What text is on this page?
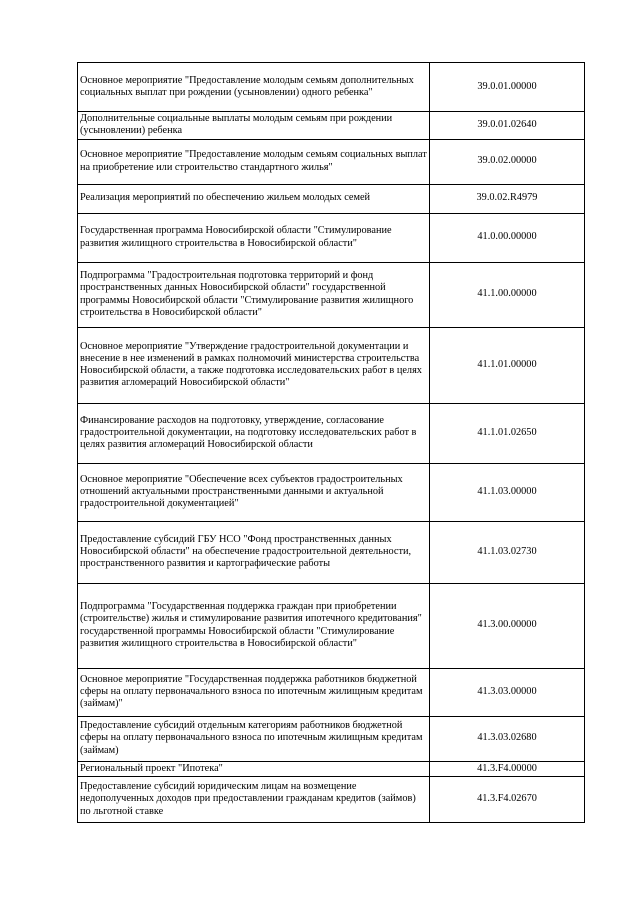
Основное мероприятие "Предоставление молодым семьям дополнительных социальных выплат при рождении (усыновлении) одного ребенка"	39.0.01.00000
Дополнительные социальные выплаты молодым семьям при рождении (усыновлении) ребенка	39.0.01.02640
Основное мероприятие "Предоставление молодым семьям социальных выплат на приобретение или строительство стандартного жилья"	39.0.02.00000
Реализация мероприятий по обеспечению жильем молодых семей	39.0.02.R4979
Государственная программа Новосибирской области "Стимулирование развития жилищного строительства в Новосибирской области"	41.0.00.00000
Подпрограмма "Градостроительная подготовка территорий и фонд пространственных данных Новосибирской области" государственной программы Новосибирской области "Стимулирование развития жилищного строительства в Новосибирской области"	41.1.00.00000
Основное мероприятие "Утверждение градостроительной документации и внесение в нее изменений в рамках полномочий министерства строительства Новосибирской области, а также подготовка исследовательских работ в целях развития агломераций Новосибирской области"	41.1.01.00000
Финансирование расходов на подготовку, утверждение, согласование градостроительной документации, на подготовку исследовательских работ в целях развития агломераций Новосибирской области	41.1.01.02650
Основное мероприятие "Обеспечение всех субъектов градостроительных отношений актуальными пространственными данными и актуальной градостроительной документацией"	41.1.03.00000
Предоставление субсидий ГБУ НСО "Фонд пространственных данных Новосибирской области" на обеспечение градостроительной деятельности, пространственного развития и картографические работы	41.1.03.02730
Подпрограмма "Государственная поддержка граждан при приобретении (строительстве) жилья и стимулирование развития ипотечного кредитования" государственной программы Новосибирской области "Стимулирование развития жилищного строительства в Новосибирской области"	41.3.00.00000
Основное мероприятие "Государственная поддержка работников бюджетной сферы на оплату первоначального взноса по ипотечным жилищным кредитам (займам)"	41.3.03.00000
Предоставление субсидий отдельным категориям работников бюджетной сферы на оплату первоначального взноса по ипотечным жилищным кредитам (займам)	41.3.03.02680
Региональный проект "Ипотека"	41.3.F4.00000
Предоставление субсидий юридическим лицам на возмещение недополученных доходов при предоставлении гражданам кредитов (займов) по льготной ставке	41.3.F4.02670
